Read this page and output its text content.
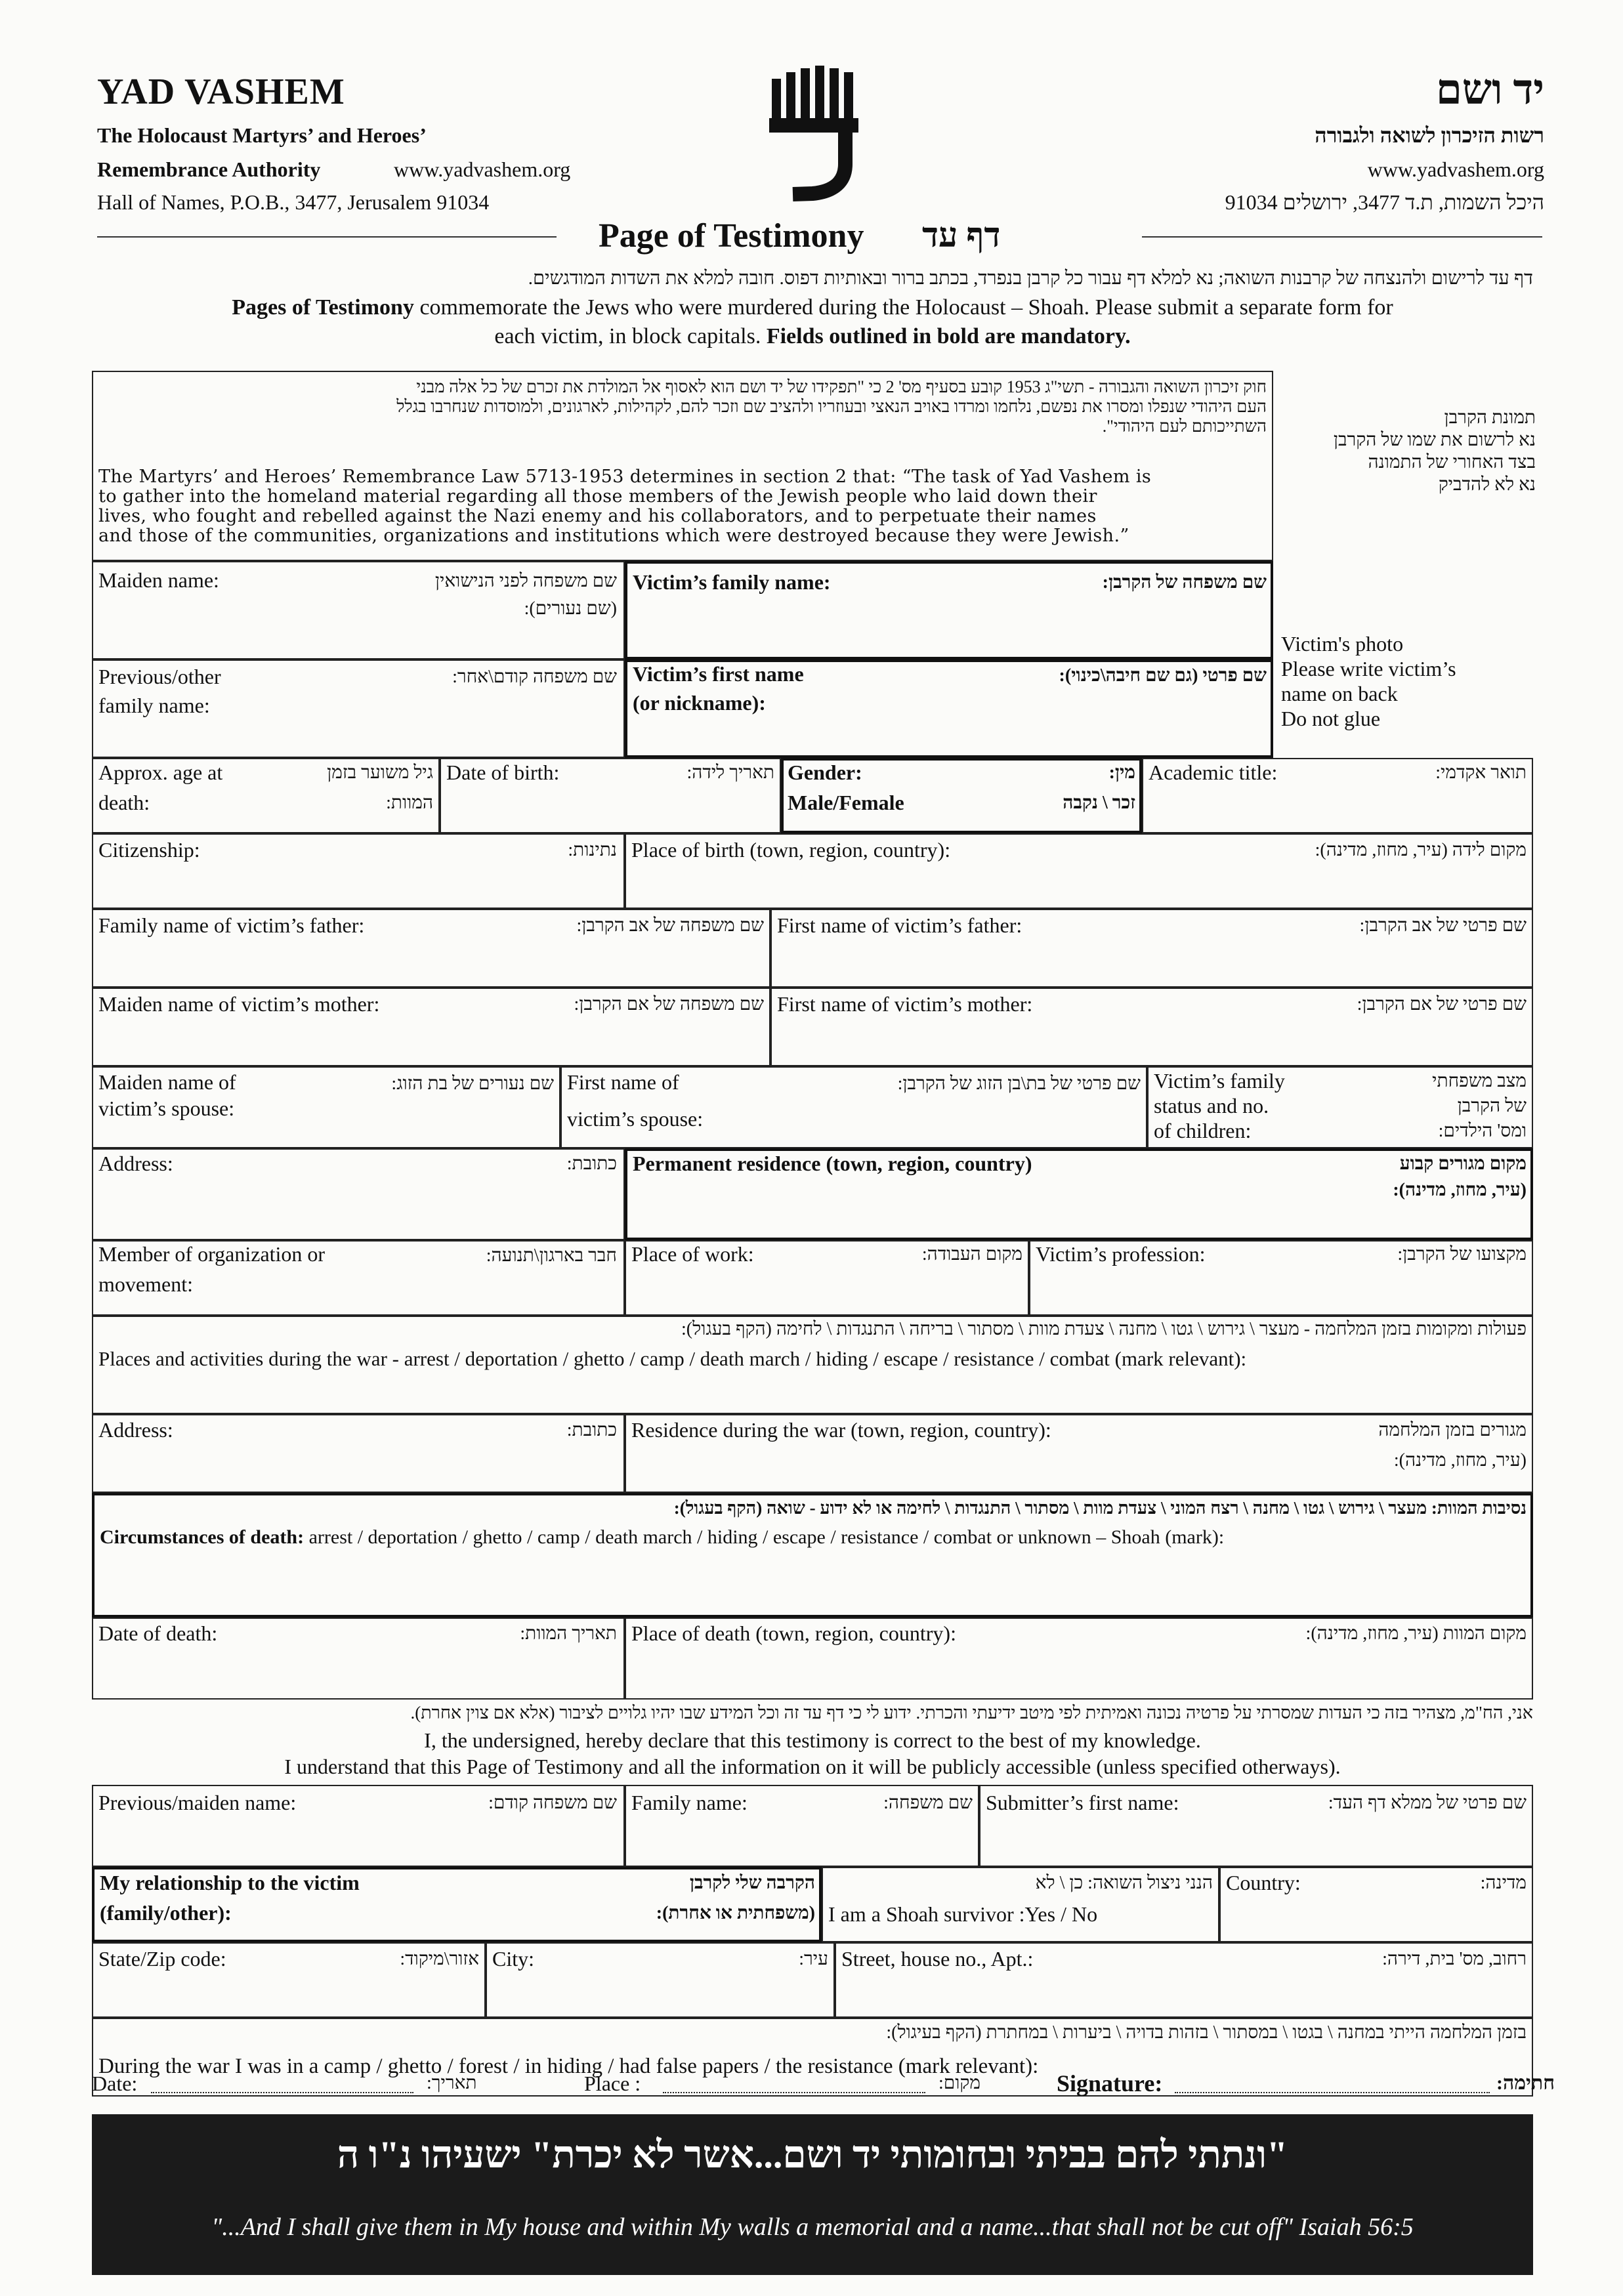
YAD VASHEM
The Holocaust Martyrs’ and Heroes’
Remembrance Authority	www.yadvashem.org
Hall of Names, P.O.B., 3477, Jerusalem 91034
יד ושם
רשות הזיכרון לשואה ולגבורה
www.yadvashem.org
היכל השמות, ת.ד 3477, ירושלים 91034
Page of Testimony דף עד
דף עד לרישום ולהנצחה של קרבנות השואה; נא למלא דף עבור כל קרבן בנפרד, בכתב ברור ובאותיות דפוס. חובה למלא את השדות המודגשים.
Pages of Testimony commemorate the Jews who were murdered during the Holocaust – Shoah. Please submit a separate form for
each victim, in block capitals. Fields outlined in bold are mandatory.
חוק זיכרון השואה והגבורה - תשי"ג 1953 קובע בסעיף מס' 2 כי "תפקידו של יד ושם הוא לאסוף אל המולדת את זכרם של כל אלה מבני
העם היהודי שנפלו ומסרו את נפשם, נלחמו ומרדו באויב הנאצי ובעוזריו ולהציב שם וזכר להם, לקהילות, לארגונים, ולמוסדות שנחרבו בגלל
השתייכותם לעם היהודי".
The Martyrs’ and Heroes’ Remembrance Law 5713-1953 determines in section 2 that: “The task of Yad Vashem is
to gather into the homeland material regarding all those members of the Jewish people who laid down their
lives, who fought and rebelled against the Nazi enemy and his collaborators, and to perpetuate their names
and those of the communities, organizations and institutions which were destroyed because they were Jewish.”
תמונת הקרבן
נא לרשום את שמו של הקרבן
בצד האחורי של התמונה
נא לא להדביק
Victim's photo
Please write victim’s
name on back
Do not glue
Maiden name:	שם משפחה לפני הנישואין
(שם נעורים):
Victim’s family name:	שם משפחה של הקרבן:
Previous/other
family name:
שם משפחה קודם\אחר: Victim’s first name
(or nickname):
שם פרטי (גם שם חיבה\כינוי):
Approx. age at
death:
גיל משוער בזמן
המוות:
Date of birth:	תאריך לידה: Gender:
Male/Female
מין:
זכר \ נקבה
Academic title:	תואר אקדמי:
Citizenship:	נתינות: Place of birth (town, region, country):	מקום לידה (עיר, מחוז, מדינה):
Family name of victim’s father:	שם משפחה של אב הקרבן: First name of victim’s father:	שם פרטי של אב הקרבן:
Maiden name of victim’s mother:	שם משפחה של אם הקרבן: First name of victim’s mother:	שם פרטי של אם הקרבן:
Maiden name of
victim’s spouse:
שם נעורים של בת הזוג: First name of
victim’s spouse:
שם פרטי של בת\בן הזוג של הקרבן: Victim’s family
status and no.
of children:
מצב משפחתי
של הקרבן
ומס' הילדים:
Address:	כתובת: Permanent residence (town, region, country)	מקום מגורים קבוע
(עיר, מחוז, מדינה):
Member of organization or
movement:
חבר בארגון\תנועה: Place of work:	מקום העבודה: Victim’s profession:	מקצועו של הקרבן:
פעולות ומקומות בזמן המלחמה - מעצר \ גירוש \ גטו \ מחנה \ צעדת מוות \ מסתור \ בריחה \ התנגדות \ לחימה (הקף בעגול):
Places and activities during the war - arrest / deportation / ghetto / camp / death march / hiding / escape / resistance / combat (mark relevant):
Address:	כתובת: Residence during the war (town, region, country):	מגורים בזמן המלחמה
(עיר, מחוז, מדינה):
נסיבות המוות: מעצר \ גירוש \ גטו \ מחנה \ רצח המוני \ צעדת מוות \ מסתור \ התנגדות \ לחימה או לא ידוע - שואה (הקף בעגול):
Circumstances of death: arrest / deportation / ghetto / camp / death march / hiding / escape / resistance / combat or unknown – Shoah (mark):
Date of death:	תאריך המוות: Place of death (town, region, country):	מקום המוות (עיר, מחוז, מדינה):
אני, הח"מ, מצהיר בזה כי העדות שמסרתי על פרטיה נכונה ואמיתית לפי מיטב ידיעתי והכרתי. ידוע לי כי דף עד זה וכל המידע שבו יהיו גלויים לציבור (אלא אם צוין אחרת).
I, the undersigned, hereby declare that this testimony is correct to the best of my knowledge.
I understand that this Page of Testimony and all the information on it will be publicly accessible (unless specified otherways).
Previous/maiden name:	שם משפחה קודם: Family name:	שם משפחה: Submitter’s first name:	שם פרטי של ממלא דף העד:
My relationship to the victim
(family/other):
הקרבה שלי לקרבן
(משפחתית או אחרת):
הנני ניצול השואה: כן \ לא
I am a Shoah survivor :Yes / No
Country:	מדינה:
State/Zip code:	אזור\מיקוד: City:	עיר: Street, house no., Apt.:	רחוב, מס' בית, דירה:
בזמן המלחמה הייתי במחנה \ בגטו \ במסתור \ בזהות בדויה \ ביערות \ במחתרת (הקף בעיגול):
During the war I was in a camp / ghetto / forest / in hiding / had false papers / the resistance (mark relevant):
"ונתתי להם בביתי ובחומותי יד ושם...אשר לא יכרת" ישעיהו נ"ו ה
"...And I shall give them in My house and within My walls a memorial and a name...that shall not be cut off" Isaiah 56:5
Date:	תאריך:	Place :	מקום:	Signature:	חתימה:
